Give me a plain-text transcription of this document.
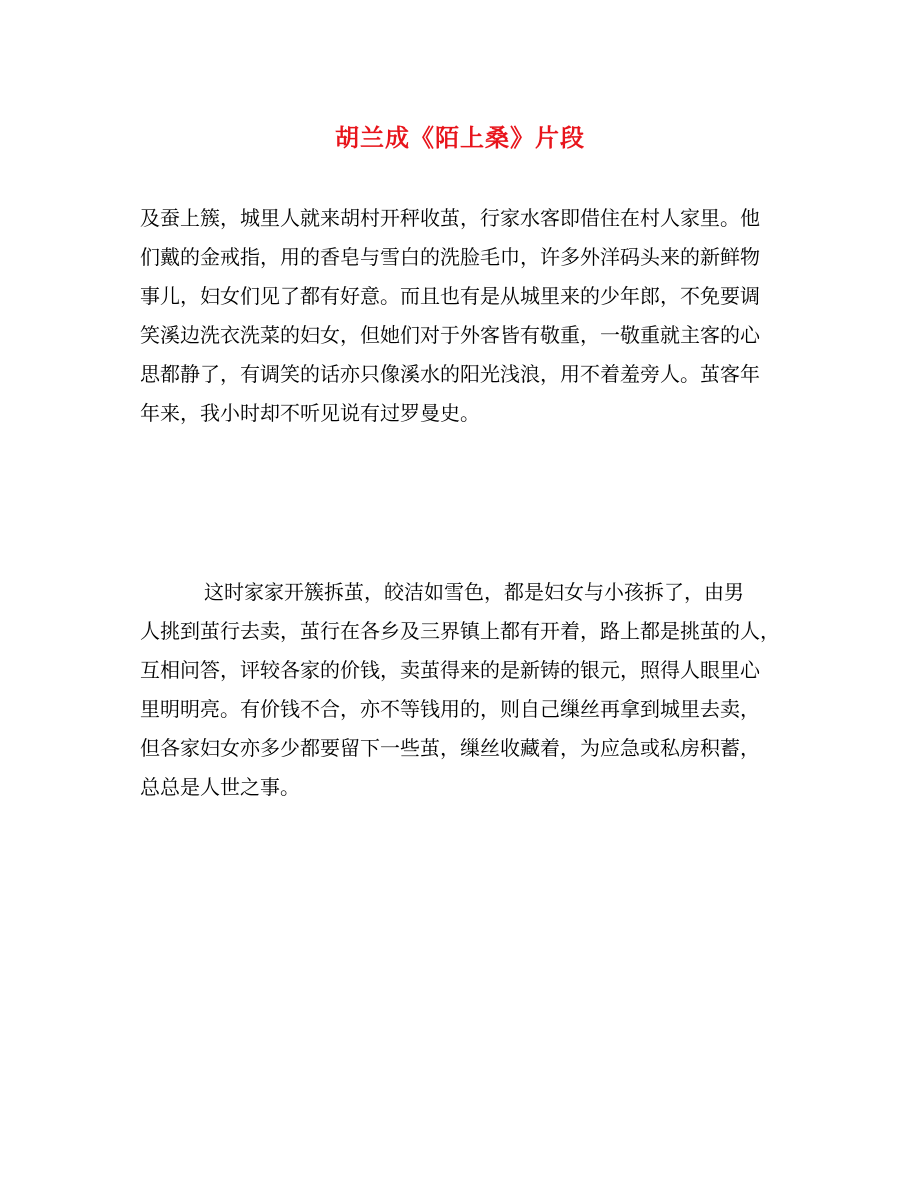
胡兰成《陌上桑》片段
及蚕上簇，城里人就来胡村开秤收茧，行家水客即借住在村人家里。他
们戴的金戒指，用的香皂与雪白的洗脸毛巾，许多外洋码头来的新鲜物
事儿，妇女们见了都有好意。而且也有是从城里来的少年郎，不免要调
笑溪边洗衣洗菜的妇女，但她们对于外客皆有敬重，一敬重就主客的心
思都静了，有调笑的话亦只像溪水的阳光浅浪，用不着羞旁人。茧客年
年来，我小时却不听见说有过罗曼史。
这时家家开簇拆茧，皎洁如雪色，都是妇女与小孩拆了，由男
人挑到茧行去卖，茧行在各乡及三界镇上都有开着，路上都是挑茧的人，
互相问答，评较各家的价钱，卖茧得来的是新铸的银元，照得人眼里心
里明明亮。有价钱不合，亦不等钱用的，则自己缫丝再拿到城里去卖，
但各家妇女亦多少都要留下一些茧，缫丝收藏着，为应急或私房积蓄，
总总是人世之事。
